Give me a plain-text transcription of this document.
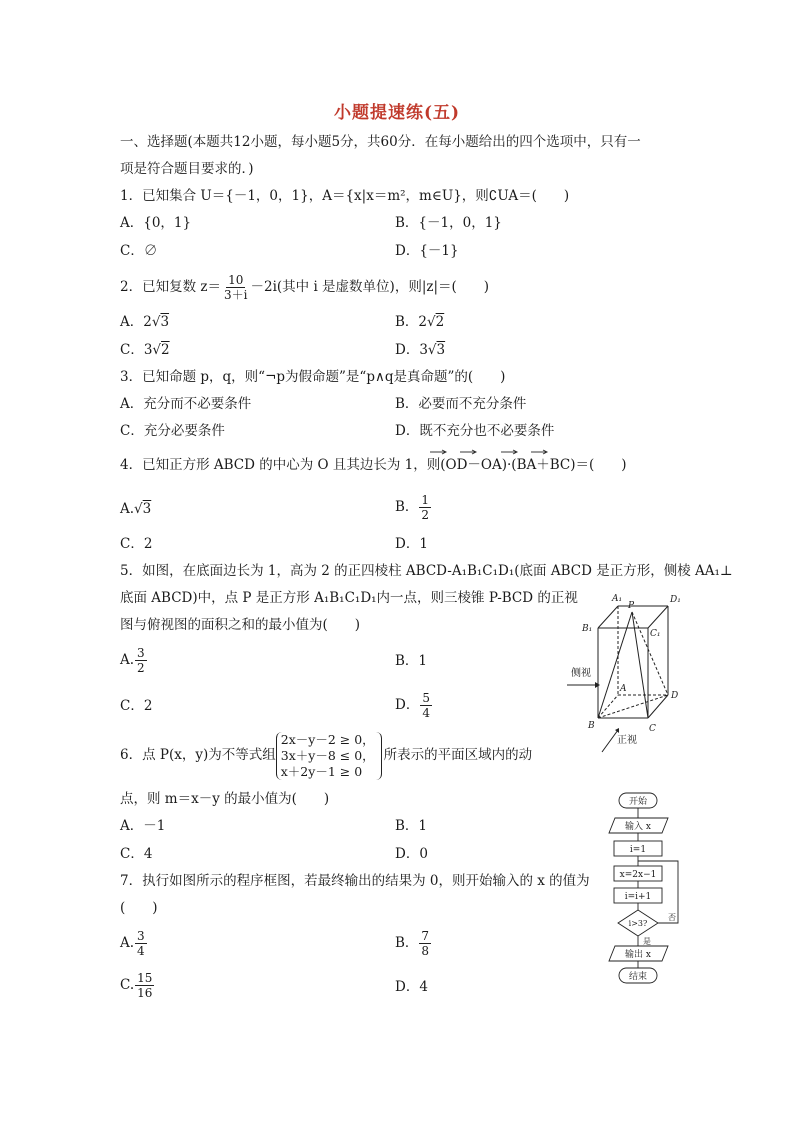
小题提速练(五)
一、选择题(本题共12小题，每小题5分，共60分．在每小题给出的四个选项中，只有一
项是符合题目要求的．)
1．已知集合 U＝{－1，0，1}，A＝{x|x＝m²，m∈U}，则∁UA＝(　　)
A．{0，1}	B．{－1，0，1}
C．∅	D．{－1}
2．已知复数 $z= \frac{10}{3+i} -2i$(其中 i 是虚数单位)，则|z|＝(　　)
A．2√3	B．2√2
C．3√2	D．3√3
3．已知命题 p，q，则“¬p为假命题”是“p∧q是真命题”的(　　)
A．充分而不必要条件	B．必要而不充分条件
C．充分必要条件	D．既不充分也不必要条件
4．已知正方形 ABCD 的中心为 O 且其边长为 1，则(OD－OA)·(BA＋BC)＝(　　)
A.√3	B． $\frac{1}{2}$
C．2	D．1
5．如图，在底面边长为 1，高为 2 的正四棱柱 ABCD-A₁B₁C₁D₁(底面 ABCD 是正方形，侧棱 AA₁⊥
底面 ABCD)中，点 P 是正方形 A₁B₁C₁D₁内一点，则三棱锥 P-BCD 的正视
图与俯视图的面积之和的最小值为(　　)
A. $\frac{3}{2}$	B．1
C．2	D． $\frac{5}{4}$
6．点 P(x，y)为不等式组
2x－y－2 ≥ 0，
3x＋y－8 ≤ 0，
x＋2y－1 ≥ 0
所表示的平面区域内的动
点，则 m＝x－y 的最小值为(　　)
A．－1	B．1
C．4	D．0
7．执行如图所示的程序框图，若最终输出的结果为 0，则开始输入的 x 的值为
(　　)
A. $\frac{3}{4}$	B． $\frac{7}{8}$
C. $\frac{15}{16}$	D．4
A₁	D₁
P
B₁	C₁
A
D
B	C
侧视
正视
开始
输入 x
i=1
x=2x−1
i=i+1
i>3?
是
否
输出 x
结束
